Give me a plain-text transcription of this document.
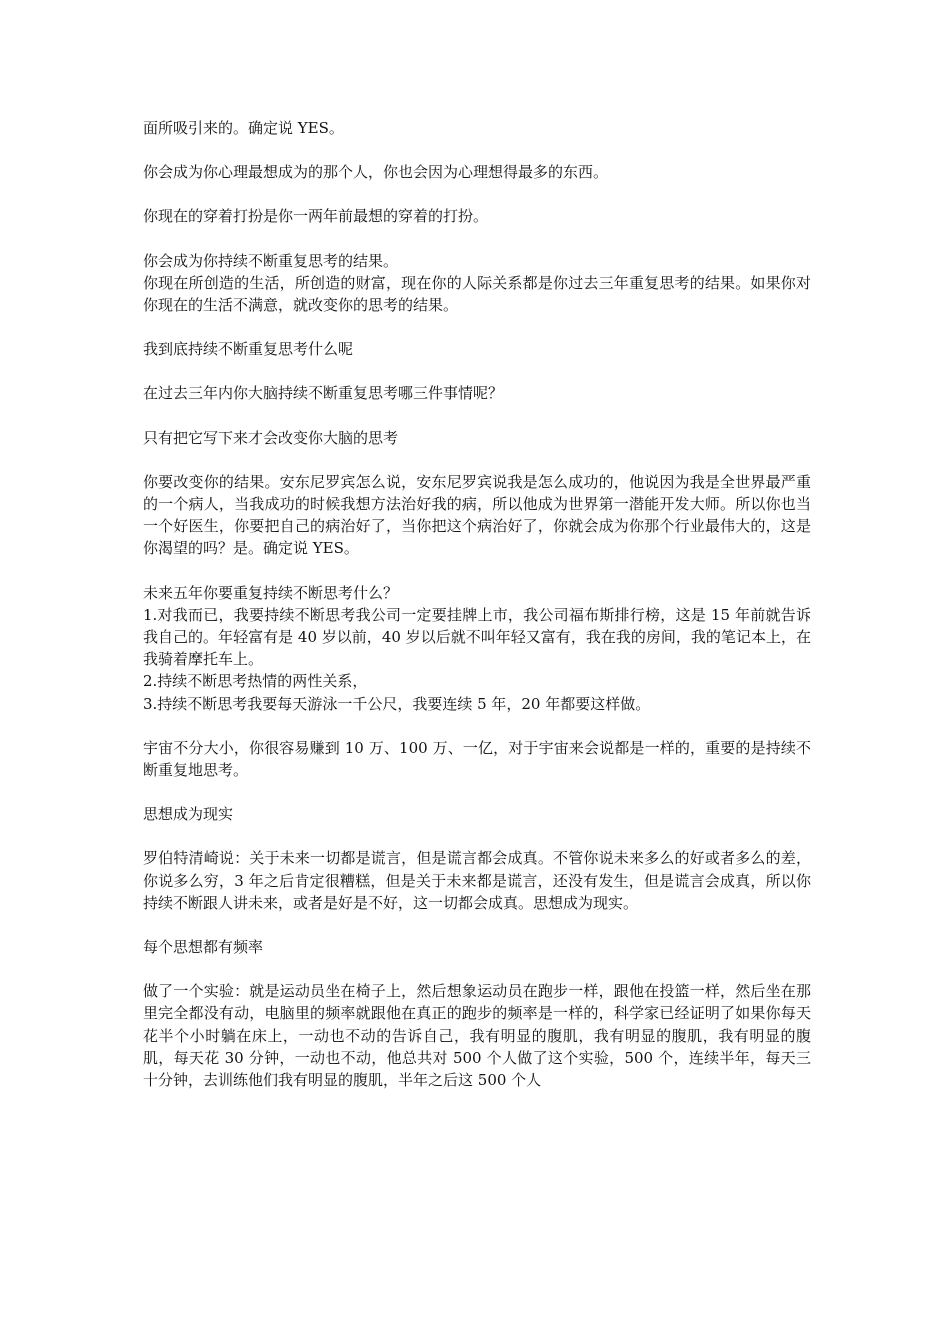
面所吸引来的。确定说 YES。

你会成为你心理最想成为的那个人，你也会因为心理想得最多的东西。

你现在的穿着打扮是你一两年前最想的穿着的打扮。

你会成为你持续不断重复思考的结果。

你现在所创造的生活，所创造的财富，现在你的人际关系都是你过去三年重复思考的结果。如果你对你现在的生活不满意，就改变你的思考的结果。

我到底持续不断重复思考什么呢

在过去三年内你大脑持续不断重复思考哪三件事情呢？

只有把它写下来才会改变你大脑的思考

你要改变你的结果。安东尼罗宾怎么说，安东尼罗宾说我是怎么成功的，他说因为我是全世界最严重的一个病人，当我成功的时候我想方法治好我的病，所以他成为世界第一潜能开发大师。所以你也当一个好医生，你要把自己的病治好了，当你把这个病治好了，你就会成为你那个行业最伟大的，这是你渴望的吗？是。确定说 YES。

未来五年你要重复持续不断思考什么？

1.对我而已，我要持续不断思考我公司一定要挂牌上市，我公司福布斯排行榜，这是 15 年前就告诉我自己的。年轻富有是 40 岁以前，40 岁以后就不叫年轻又富有，我在我的房间，我的笔记本上，在我骑着摩托车上。

2.持续不断思考热情的两性关系，

3.持续不断思考我要每天游泳一千公尺，我要连续 5 年，20 年都要这样做。

宇宙不分大小，你很容易赚到 10 万、100 万、一亿，对于宇宙来会说都是一样的，重要的是持续不断重复地思考。

思想成为现实

罗伯特清崎说：关于未来一切都是谎言，但是谎言都会成真。不管你说未来多么的好或者多么的差，你说多么穷，3 年之后肯定很糟糕，但是关于未来都是谎言，还没有发生，但是谎言会成真，所以你持续不断跟人讲未来，或者是好是不好，这一切都会成真。思想成为现实。

每个思想都有频率

做了一个实验：就是运动员坐在椅子上，然后想象运动员在跑步一样，跟他在投篮一样，然后坐在那里完全都没有动，电脑里的频率就跟他在真正的跑步的频率是一样的，科学家已经证明了如果你每天花半个小时躺在床上，一动也不动的告诉自己，我有明显的腹肌，我有明显的腹肌，我有明显的腹肌，每天花 30 分钟，一动也不动，他总共对 500 个人做了这个实验，500 个，连续半年，每天三十分钟，去训练他们我有明显的腹肌，半年之后这 500 个人
